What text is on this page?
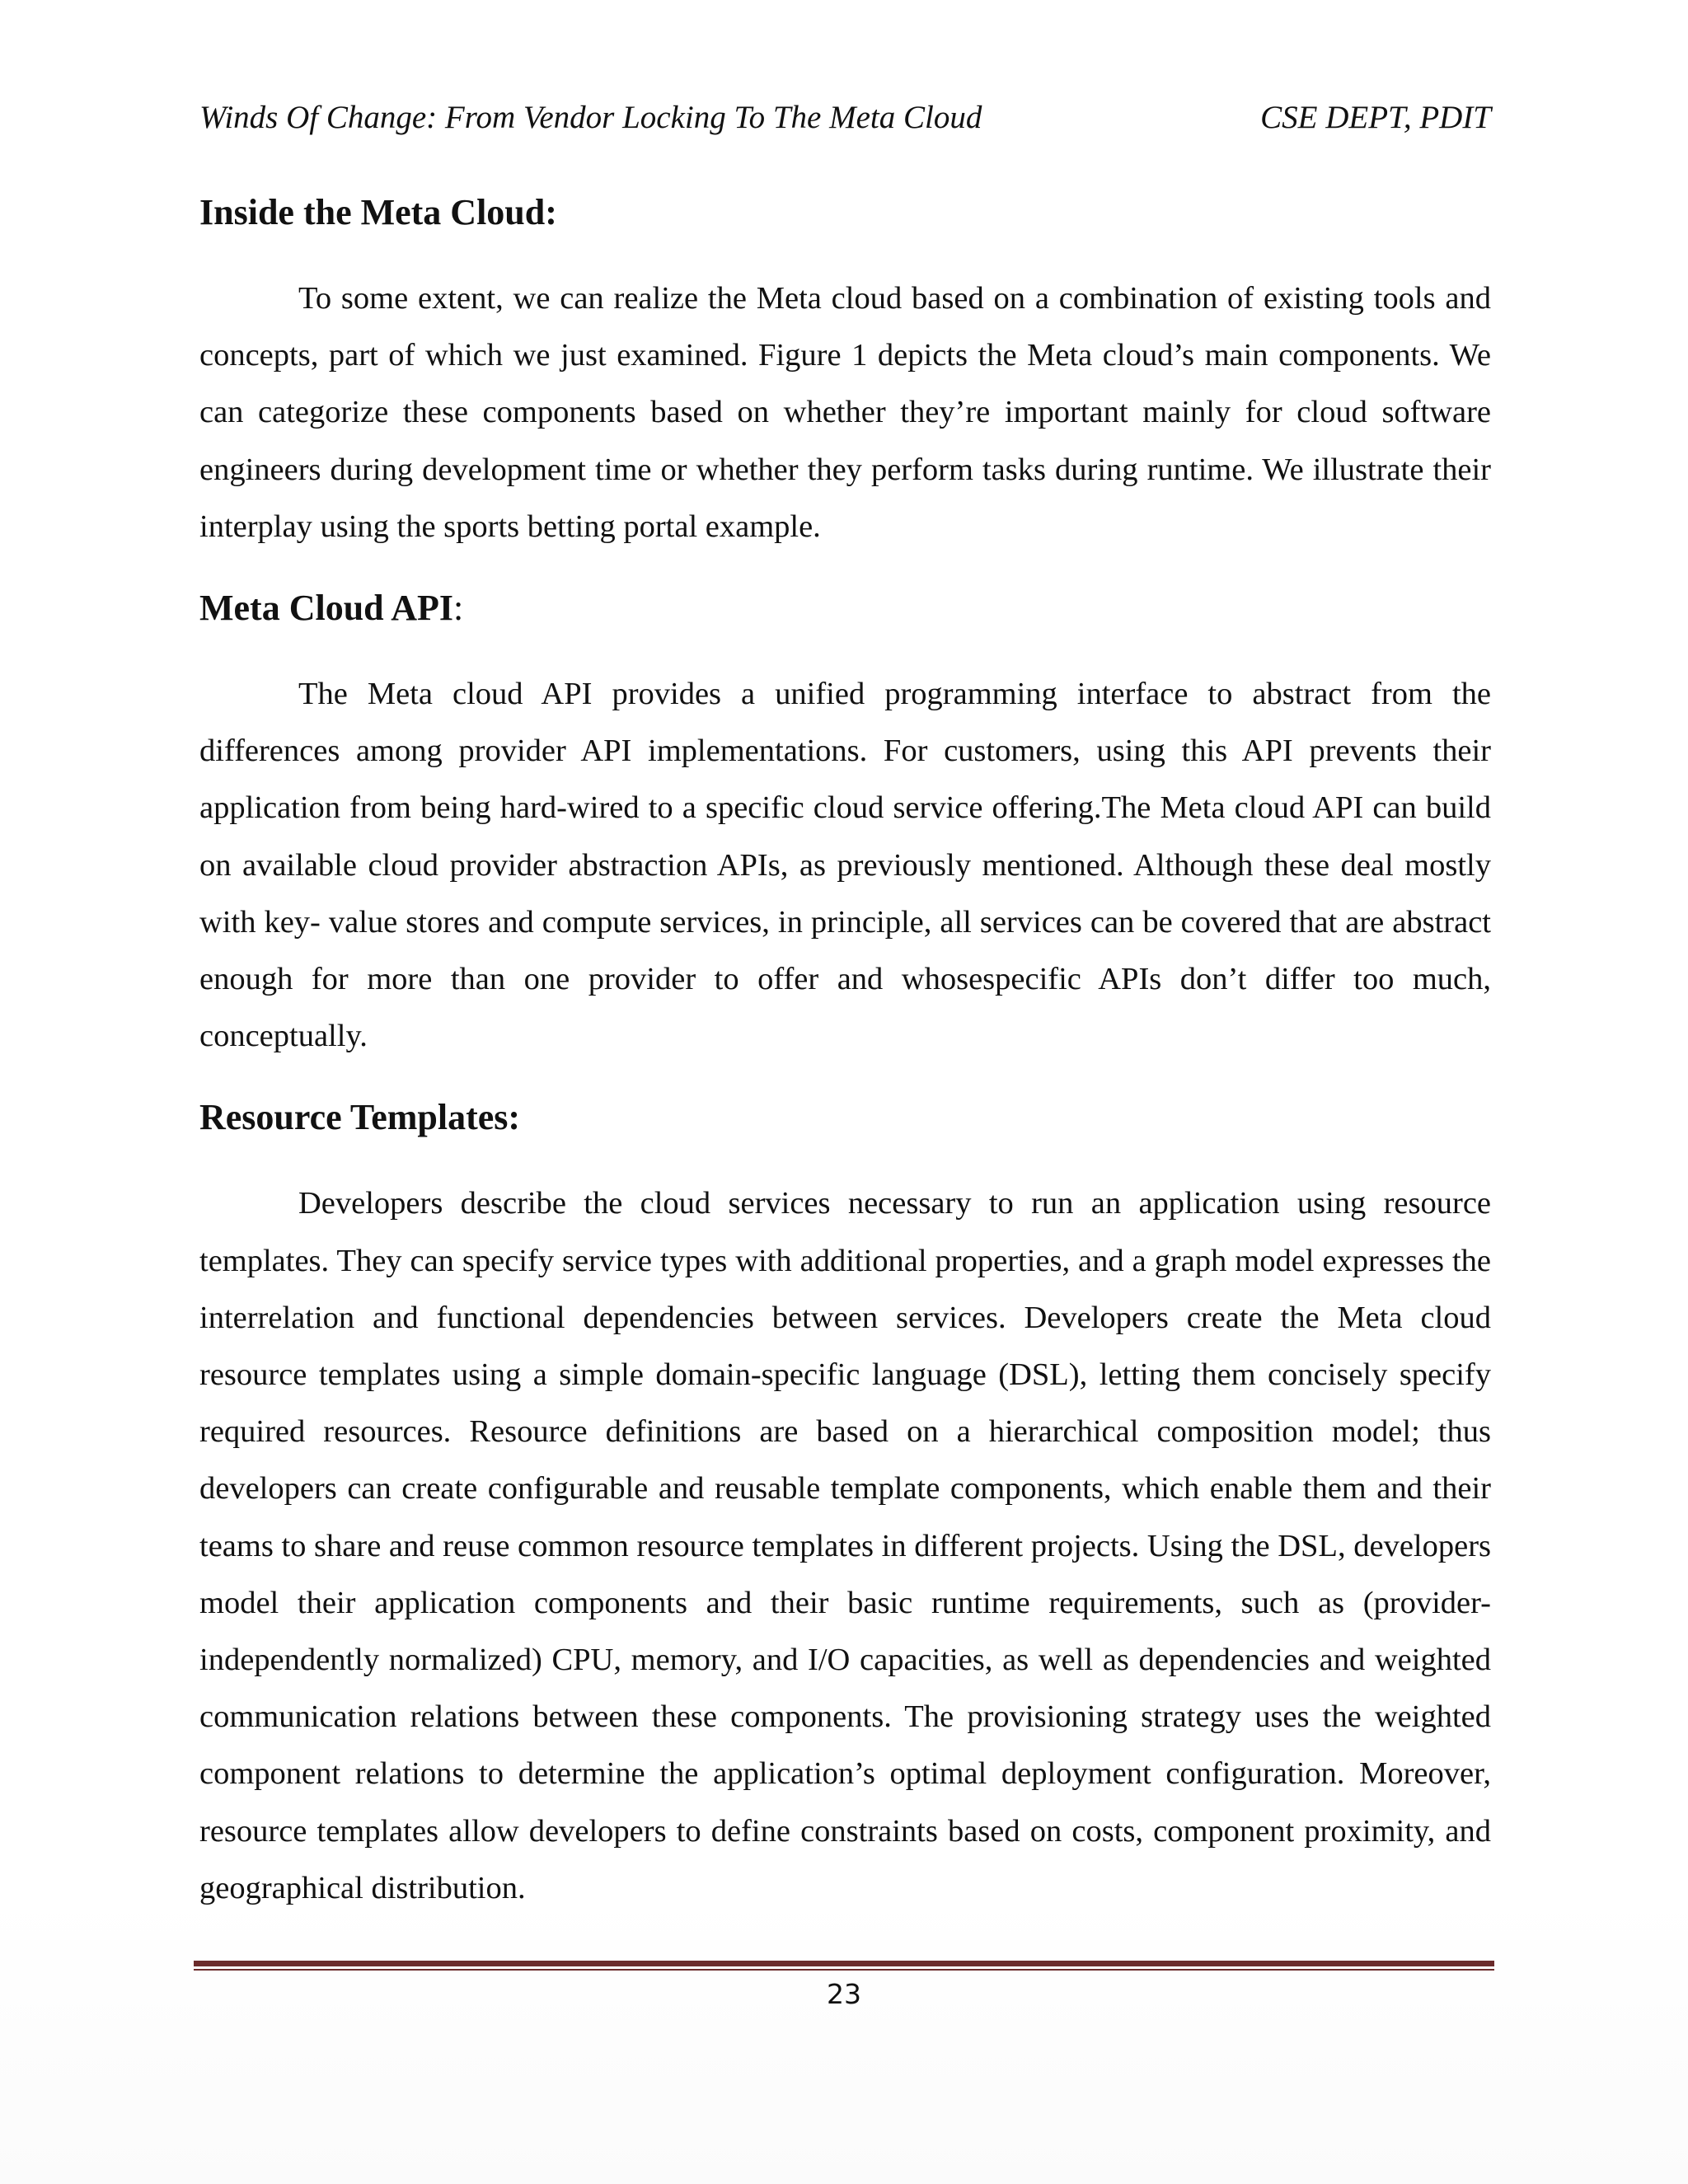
Winds Of Change: From Vendor Locking To The Meta Cloud	CSE DEPT, PDIT
Inside the Meta Cloud:

To some extent, we can realize the Meta cloud based on a combination of existing tools and concepts, part of which we just examined. Figure 1 depicts the Meta cloud’s main components. We can categorize these components based on whether they’re important mainly for cloud software engineers during development time or whether they perform tasks during runtime. We illustrate their interplay using the sports betting portal example.

Meta Cloud API:

The Meta cloud API provides a unified programming interface to abstract from the differences among provider API implementations. For customers, using this API prevents their application from being hard-wired to a specific cloud service offering.The Meta cloud API can build on available cloud provider abstraction APIs, as previously mentioned. Although these deal mostly with key- value stores and compute services, in principle, all services can be covered that are abstract enough for more than one provider to offer and whosespecific APIs don’t differ too much, conceptually.

Resource Templates:

Developers describe the cloud services necessary to run an application using resource templates. They can specify service types with additional properties, and a graph model expresses the interrelation and functional dependencies between services. Developers create the Meta cloud resource templates using a simple domain-specific language (DSL), letting them concisely specify required resources. Resource definitions are based on a hierarchical composition model; thus developers can create configurable and reusable template components, which enable them and their teams to share and reuse common resource templates in different projects. Using the DSL, developers model their application components and their basic runtime requirements, such as (provider- independently normalized) CPU, memory, and I/O capacities, as well as dependencies and weighted communication relations between these components. The provisioning strategy uses the weighted component relations to determine the application’s optimal deployment configuration. Moreover, resource templates allow developers to define constraints based on costs, component proximity, and geographical distribution.

23
